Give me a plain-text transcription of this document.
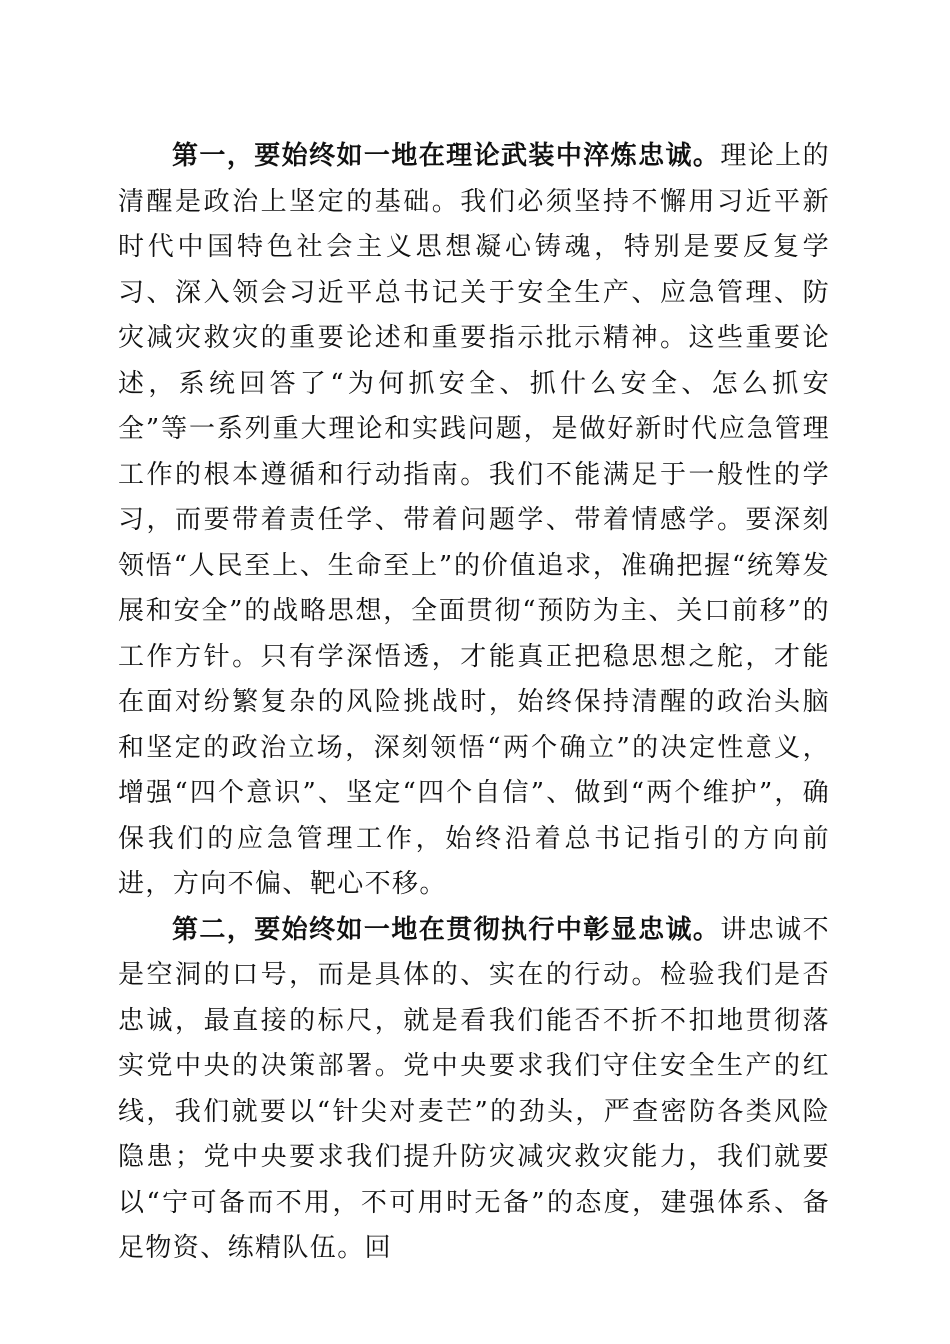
第一，要始终如一地在理论武装中淬炼忠诚。理论上的清醒是政治上坚定的基础。我们必须坚持不懈用习近平新时代中国特色社会主义思想凝心铸魂，特别是要反复学习、深入领会习近平总书记关于安全生产、应急管理、防灾减灾救灾的重要论述和重要指示批示精神。这些重要论述，系统回答了“为何抓安全、抓什么安全、怎么抓安全”等一系列重大理论和实践问题，是做好新时代应急管理工作的根本遵循和行动指南。我们不能满足于一般性的学习，而要带着责任学、带着问题学、带着情感学。要深刻领悟“人民至上、生命至上”的价值追求，准确把握“统筹发展和安全”的战略思想，全面贯彻“预防为主、关口前移”的工作方针。只有学深悟透，才能真正把稳思想之舵，才能在面对纷繁复杂的风险挑战时，始终保持清醒的政治头脑和坚定的政治立场，深刻领悟“两个确立”的决定性意义，增强“四个意识”、坚定“四个自信”、做到“两个维护”，确保我们的应急管理工作，始终沿着总书记指引的方向前进，方向不偏、靶心不移。

第二，要始终如一地在贯彻执行中彰显忠诚。讲忠诚不是空洞的口号，而是具体的、实在的行动。检验我们是否忠诚，最直接的标尺，就是看我们能否不折不扣地贯彻落实党中央的决策部署。党中央要求我们守住安全生产的红线，我们就要以“针尖对麦芒”的劲头，严查密防各类风险隐患；党中央要求我们提升防灾减灾救灾能力，我们就要以“宁可备而不用，不可用时无备”的态度，建强体系、备足物资、练精队伍。回
